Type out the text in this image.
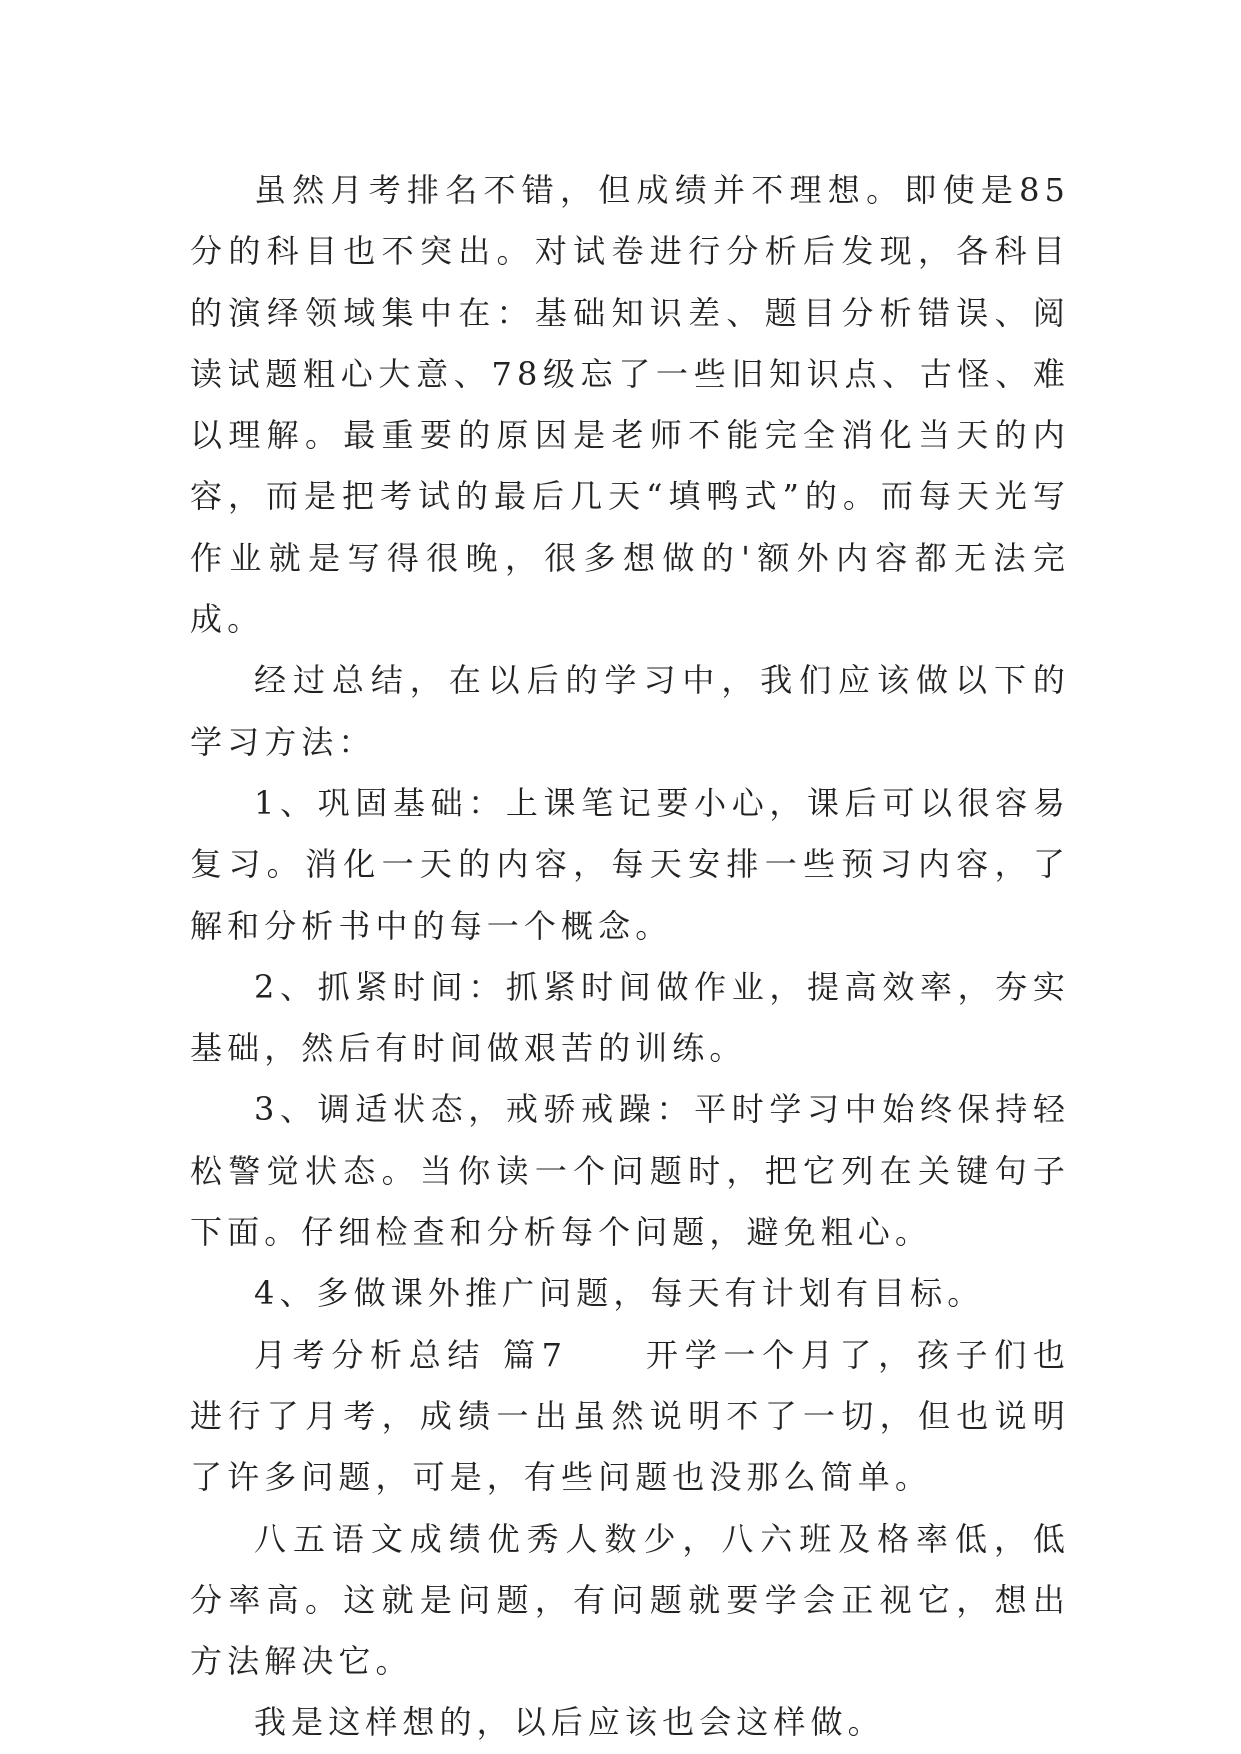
虽然月考排名不错，但成绩并不理想。即使是85分的科目也不突出。对试卷进行分析后发现，各科目的演绎领域集中在：基础知识差、题目分析错误、阅读试题粗心大意、78级忘了一些旧知识点、古怪、难以理解。最重要的原因是老师不能完全消化当天的内容，而是把考试的最后几天“填鸭式”的。而每天光写作业就是写得很晚，很多想做的'额外内容都无法完成。

经过总结，在以后的学习中，我们应该做以下的学习方法：

1、巩固基础：上课笔记要小心，课后可以很容易复习。消化一天的内容，每天安排一些预习内容，了解和分析书中的每一个概念。

2、抓紧时间：抓紧时间做作业，提高效率，夯实基础，然后有时间做艰苦的训练。

3、调适状态，戒骄戒躁：平时学习中始终保持轻松警觉状态。当你读一个问题时，把它列在关键句子下面。仔细检查和分析每个问题，避免粗心。

4、多做课外推广问题，每天有计划有目标。

月考分析总结 篇7　　开学一个月了，孩子们也进行了月考，成绩一出虽然说明不了一切，但也说明了许多问题，可是，有些问题也没那么简单。

八五语文成绩优秀人数少，八六班及格率低，低分率高。这就是问题，有问题就要学会正视它，想出方法解决它。

我是这样想的，以后应该也会这样做。
